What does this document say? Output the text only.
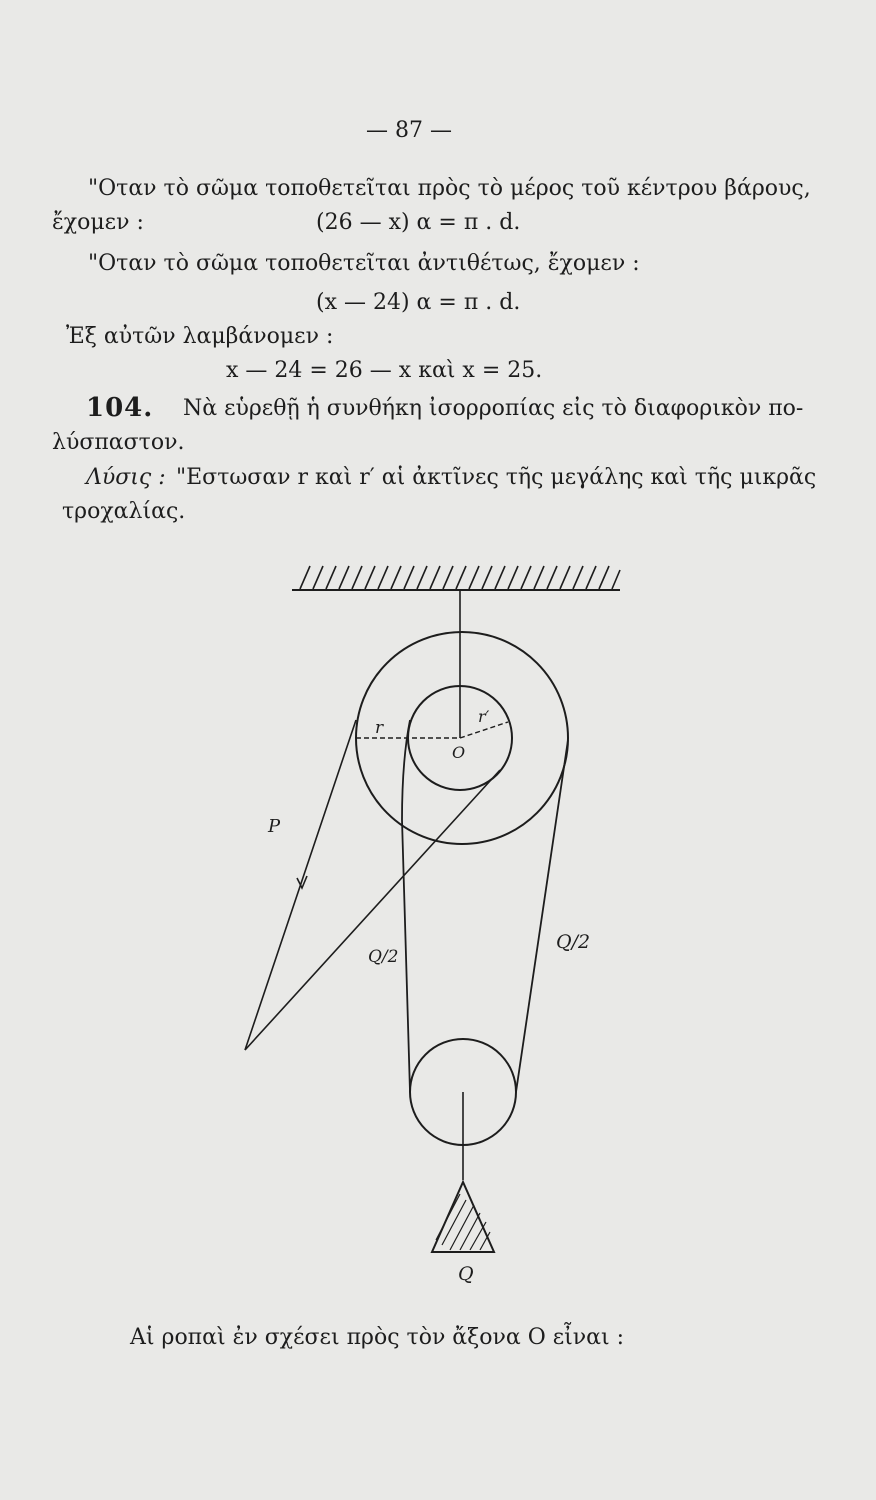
— 87 —
"Οταν τὸ σῶμα τοποθετεῖται πρὸς τὸ μέρος τοῦ κέντρου βάρους,
ἔχομεν :	(26 — x) α = π . d.
"Οταν τὸ σῶμα τοποθετεῖται ἀντιθέτως, ἔχομεν :
(x — 24) α = π . d.
Ἐξ αὐτῶν λαμβάνομεν :
x — 24 = 26 — x καὶ x = 25.
104. Νὰ εὑρεθῇ ἡ συνθήκη ἰσορροπίας εἰς τὸ διαφορικὸν πο-
λύσπαστον.
Λύσις : "Εστωσαν r καὶ r′ αἱ ἀκτῖνες τῆς μεγάλης καὶ τῆς μικρᾶς
τροχαλίας.
r
r′
O
P
Q/2
Q/2
Q
Αἱ ροπαὶ ἐν σχέσει πρὸς τὸν ἄξονα Ο εἶναι :
